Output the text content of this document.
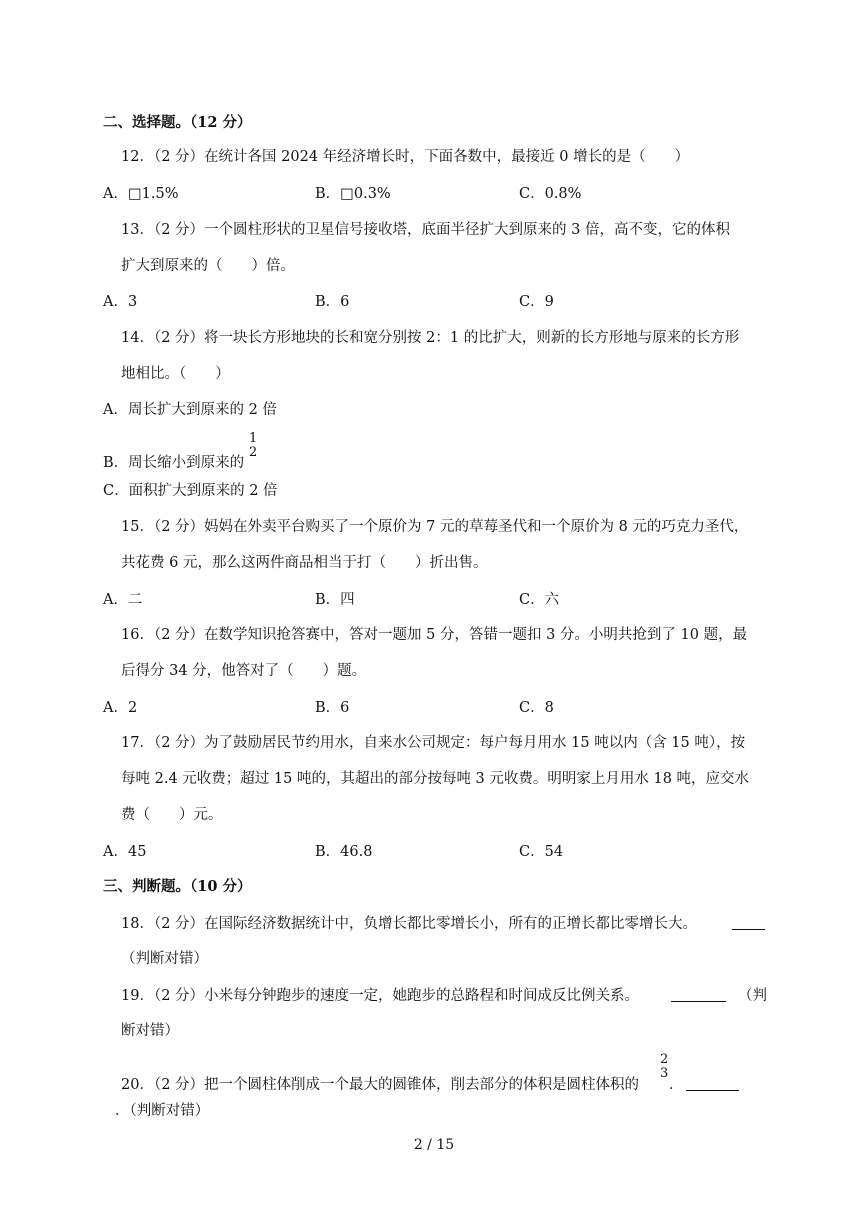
二、选择题。（12 分）
12．（2 分）在统计各国 2024 年经济增长时，下面各数中，最接近 0 增长的是（　　）
A．□1.5%	B．□0.3%	C．0.8%
13．（2 分）一个圆柱形状的卫星信号接收塔，底面半径扩大到原来的 3 倍，高不变，它的体积
扩大到原来的（　　）倍。
A．3	B．6	C．9
14．（2 分）将一块长方形地块的长和宽分别按 2：1 的比扩大，则新的长方形地与原来的长方形
地相比。（　　）
A．周长扩大到原来的 2 倍
B．周长缩小到原来的
1
2
C．面积扩大到原来的 2 倍
15．（2 分）妈妈在外卖平台购买了一个原价为 7 元的草莓圣代和一个原价为 8 元的巧克力圣代，
共花费 6 元，那么这两件商品相当于打（　　）折出售。
A．二	B．四	C．六
16．（2 分）在数学知识抢答赛中，答对一题加 5 分，答错一题扣 3 分。小明共抢到了 10 题，最
后得分 34 分，他答对了（　　）题。
A．2	B．6	C．8
17．（2 分）为了鼓励居民节约用水，自来水公司规定：每户每月用水 15 吨以内（含 15 吨），按
每吨 2.4 元收费；超过 15 吨的，其超出的部分按每吨 3 元收费。明明家上月用水 18 吨，应交水
费（　　）元。
A．45	B．46.8	C．54
三、判断题。（10 分）
18．（2 分）在国际经济数据统计中，负增长都比零增长小，所有的正增长都比零增长大。
（判断对错）
19．（2 分）小米每分钟跑步的速度一定，她跑步的总路程和时间成反比例关系。	（判
断对错）
20．（2 分）把一个圆柱体削成一个最大的圆锥体，削去部分的体积是圆柱体积的
2
3
．
．（判断对错）
2 / 15
